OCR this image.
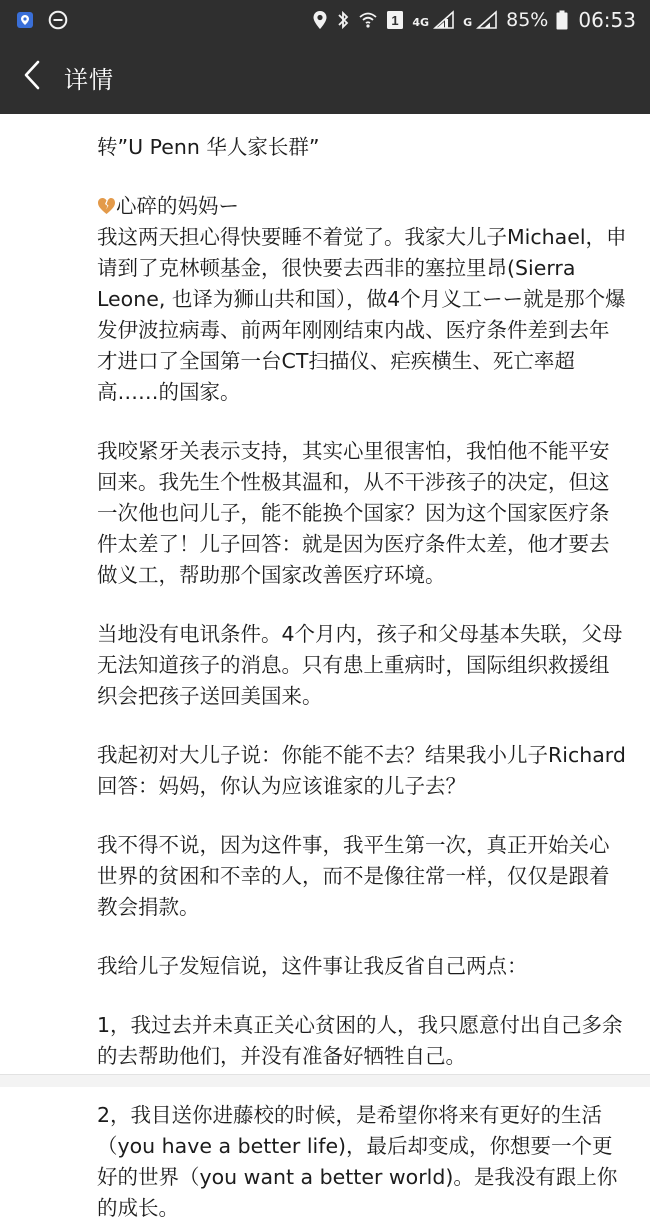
1 4G	G 85% 06:53
详情

转”U Penn 华人家长群”

心碎的妈妈ー

我这两天担心得快要睡不着觉了。我家大儿子Michael，申请到了克林顿基金，很快要去西非的塞拉里昂(Sierra Leone, 也译为狮山共和国），做4个月义工ーー就是那个爆发伊波拉病毒、前两年刚刚结束内战、医疗条件差到去年才进口了全国第一台CT扫描仪、疟疾横生、死亡率超高……的国家。

我咬紧牙关表示支持，其实心里很害怕，我怕他不能平安回来。我先生个性极其温和，从不干涉孩子的决定，但这一次他也问儿子，能不能换个国家？因为这个国家医疗条件太差了！儿子回答：就是因为医疗条件太差，他才要去做义工，帮助那个国家改善医疗环境。

当地没有电讯条件。4个月内，孩子和父母基本失联，父母无法知道孩子的消息。只有患上重病时，国际组织救援组织会把孩子送回美国来。

我起初对大儿子说：你能不能不去？结果我小儿子Richard回答：妈妈，你认为应该谁家的儿子去？

我不得不说，因为这件事，我平生第一次，真正开始关心世界的贫困和不幸的人，而不是像往常一样，仅仅是跟着教会捐款。

我给儿子发短信说，这件事让我反省自己两点：

1，我过去并未真正关心贫困的人，我只愿意付出自己多余的去帮助他们，并没有准备好牺牲自己。

2，我目送你进藤校的时候，是希望你将来有更好的生活（you have a better life)，最后却变成，你想要一个更好的世界（you want a better world)。是我没有跟上你的成长。
